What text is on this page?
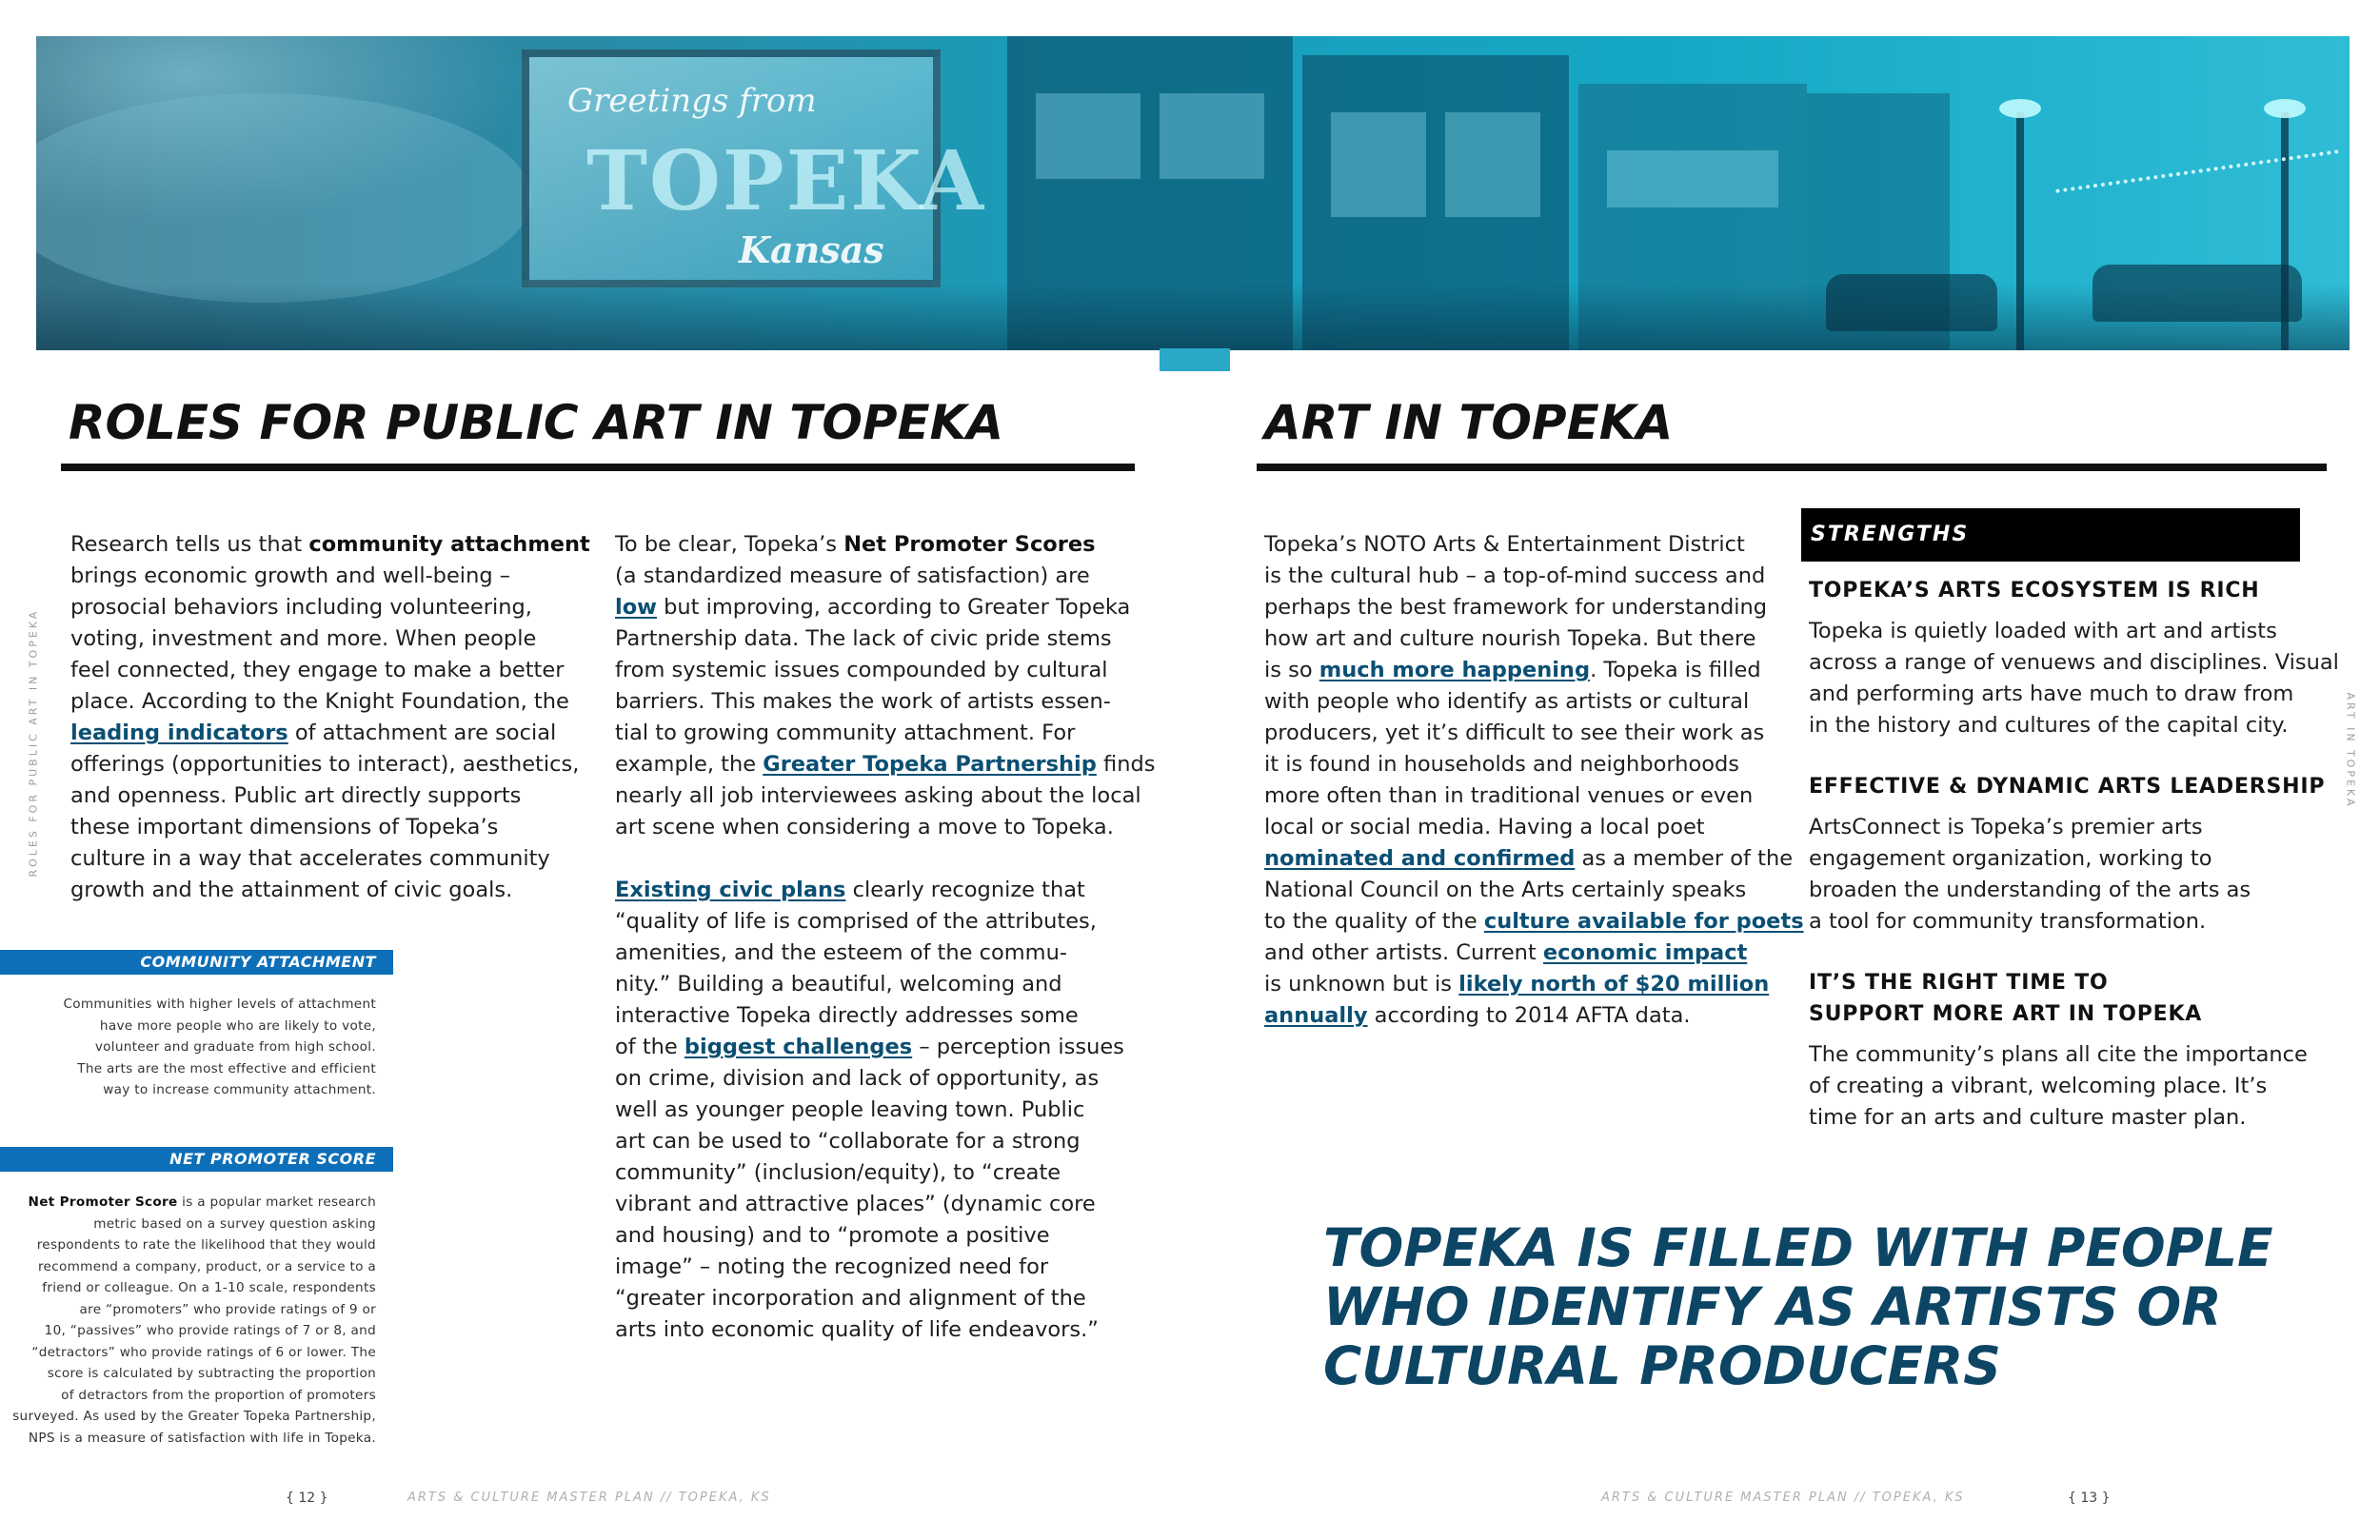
Greetings from
TOPEKA
Kansas
ROLES FOR PUBLIC ART IN TOPEKA	ART IN TOPEKA
ROLES FOR PUBLIC ART IN TOPEKA	ART IN TOPEKA
Research tells us that community attachment
brings economic growth and well-being –
prosocial behaviors including volunteering,
voting, investment and more. When people
feel connected, they engage to make a better
place. According to the Knight Foundation, the
leading indicators of attachment are social
offerings (opportunities to interact), aesthetics,
and openness. Public art directly supports
these important dimensions of Topeka’s
culture in a way that accelerates community
growth and the attainment of civic goals.
To be clear, Topeka’s Net Promoter Scores
(a standardized measure of satisfaction) are
low but improving, according to Greater Topeka
Partnership data. The lack of civic pride stems
from systemic issues compounded by cultural
barriers. This makes the work of artists essen-
tial to growing community attachment. For
example, the Greater Topeka Partnership finds
nearly all job interviewees asking about the local
art scene when considering a move to Topeka.
Existing civic plans clearly recognize that
“quality of life is comprised of the attributes,
amenities, and the esteem of the commu-
nity.” Building a beautiful, welcoming and
interactive Topeka directly addresses some
of the biggest challenges – perception issues
on crime, division and lack of opportunity, as
well as younger people leaving town. Public
art can be used to “collaborate for a strong
community” (inclusion/equity), to “create
vibrant and attractive places” (dynamic core
and housing) and to “promote a positive
image” – noting the recognized need for
“greater incorporation and alignment of the
arts into economic quality of life endeavors.”
COMMUNITY ATTACHMENT
Communities with higher levels of attachment
have more people who are likely to vote,
volunteer and graduate from high school.
The arts are the most effective and efficient
way to increase community attachment.
NET PROMOTER SCORE
Net Promoter Score is a popular market research
metric based on a survey question asking
respondents to rate the likelihood that they would
recommend a company, product, or a service to a
friend or colleague. On a 1-10 scale, respondents
are “promoters” who provide ratings of 9 or
10, “passives” who provide ratings of 7 or 8, and
“detractors” who provide ratings of 6 or lower. The
score is calculated by subtracting the proportion
of detractors from the proportion of promoters
surveyed. As used by the Greater Topeka Partnership,
NPS is a measure of satisfaction with life in Topeka.
Topeka’s NOTO Arts & Entertainment District
is the cultural hub – a top-of-mind success and
perhaps the best framework for understanding
how art and culture nourish Topeka. But there
is so much more happening. Topeka is filled
with people who identify as artists or cultural
producers, yet it’s difficult to see their work as
it is found in households and neighborhoods
more often than in traditional venues or even
local or social media. Having a local poet
nominated and confirmed as a member of the
National Council on the Arts certainly speaks
to the quality of the culture available for poets
and other artists. Current economic impact
is unknown but is likely north of $20 million
annually according to 2014 AFTA data.
STRENGTHS
TOPEKA’S ARTS ECOSYSTEM IS RICH
Topeka is quietly loaded with art and artists
across a range of venuews and disciplines. Visual
and performing arts have much to draw from
in the history and cultures of the capital city.
EFFECTIVE & DYNAMIC ARTS LEADERSHIP
ArtsConnect is Topeka’s premier arts
engagement organization, working to
broaden the understanding of the arts as
a tool for community transformation.
IT’S THE RIGHT TIME TO
SUPPORT MORE ART IN TOPEKA
The community’s plans all cite the importance
of creating a vibrant, welcoming place. It’s
time for an arts and culture master plan.
TOPEKA IS FILLED WITH PEOPLE
WHO IDENTIFY AS ARTISTS OR
CULTURAL PRODUCERS
{ 12 }	ARTS & CULTURE MASTER PLAN // TOPEKA, KS	ARTS & CULTURE MASTER PLAN // TOPEKA, KS	{ 13 }
